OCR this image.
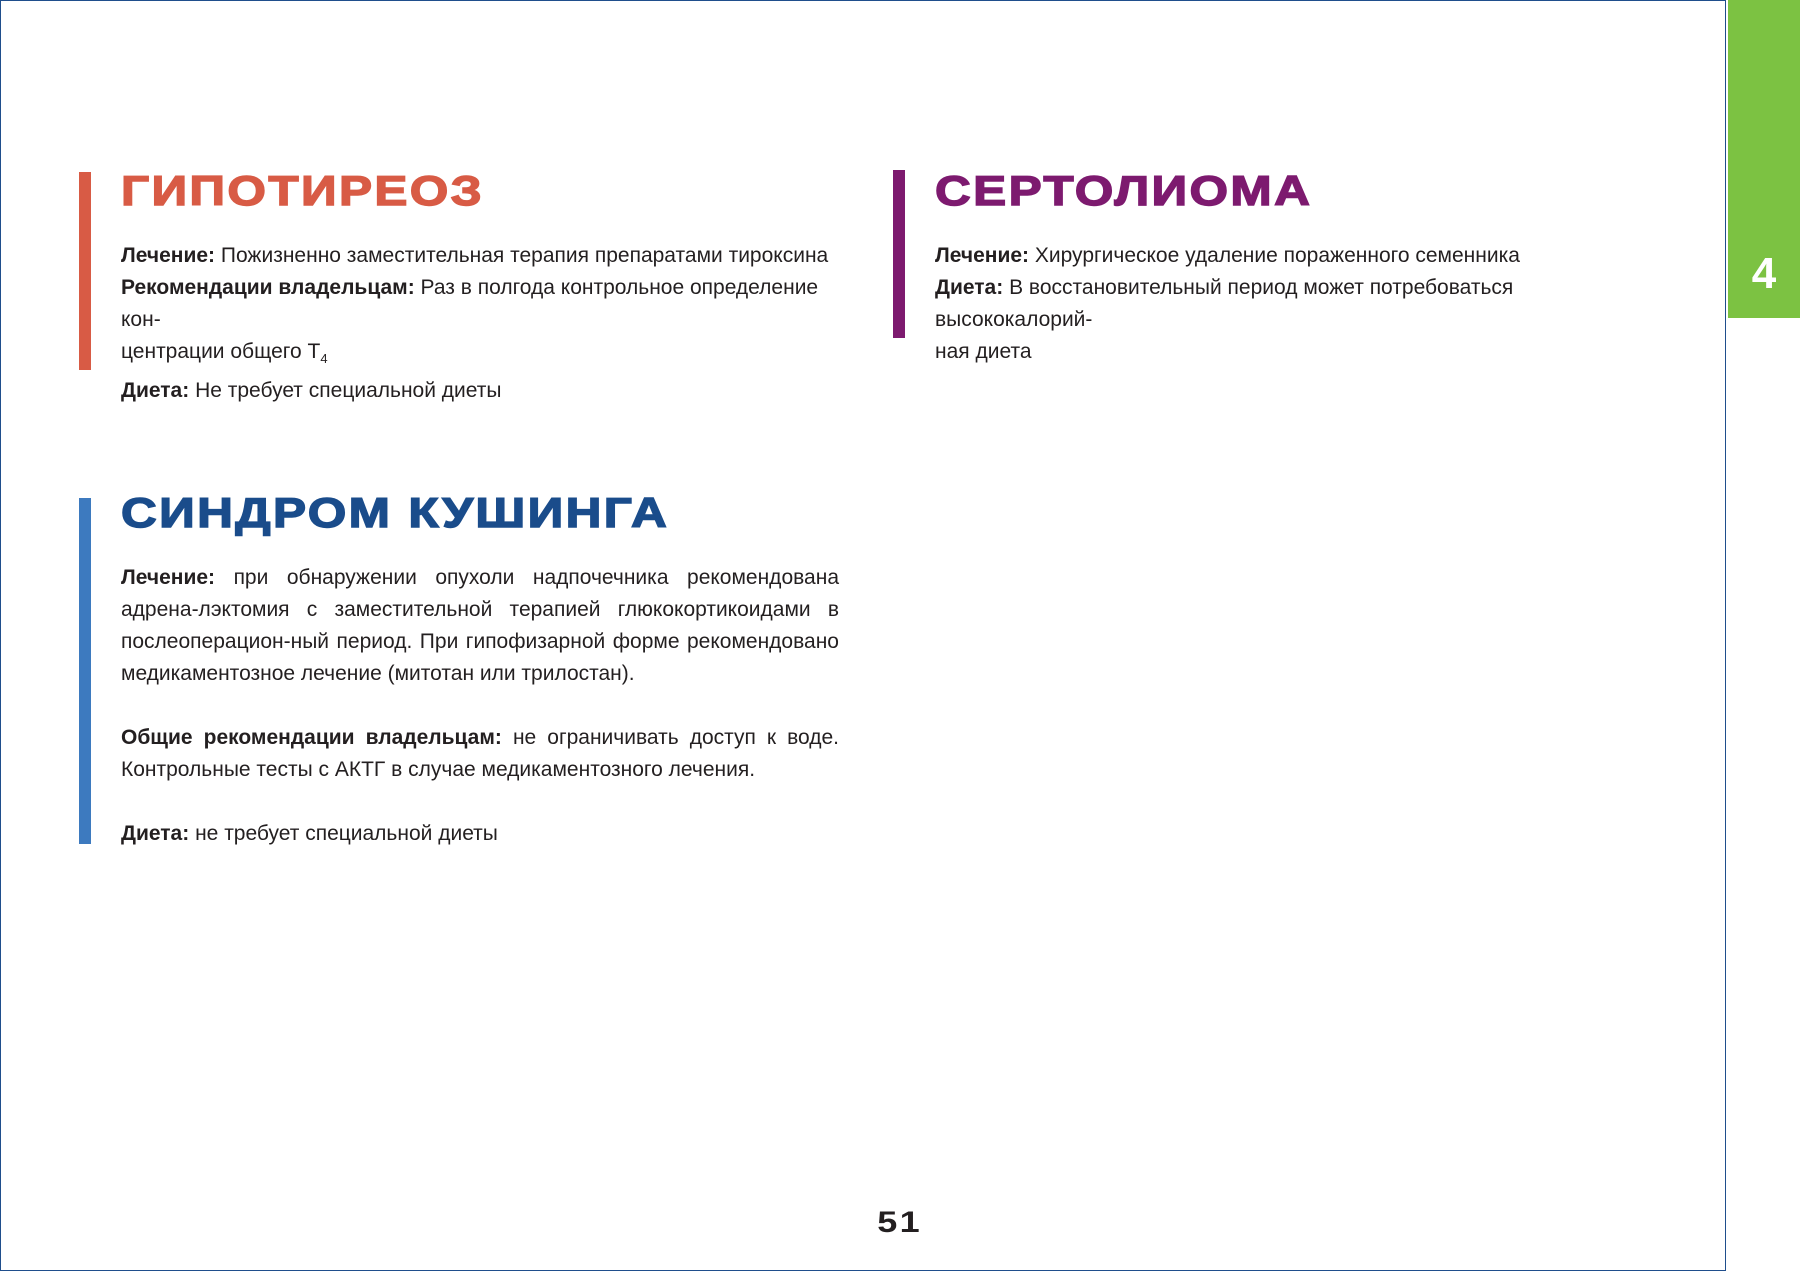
4
ГИПОТИРЕОЗ

Лечение: Пожизненно заместительная терапия препаратами тироксина

Рекомендации владельцам: Раз в полгода контрольное определение кон-

центрации общего $T_4$

Диета: Не требует специальной диеты

СЕРТОЛИОМА

Лечение: Хирургическое удаление пораженного семенника

Диета: В восстановительный период может потребоваться высококалорий-

ная диета

СИНДРОМ КУШИНГА

Лечение: при обнаружении опухоли надпочечника рекомендована адрена-лэктомия с заместительной терапией глюкокортикоидами в послеоперацион-ный период. При гипофизарной форме рекомендовано медикаментозное лечение (митотан или трилостан).

Общие рекомендации владельцам: не ограничивать доступ к воде. Контрольные тесты с АКТГ в случае медикаментозного лечения.

Диета: не требует специальной диеты

51
